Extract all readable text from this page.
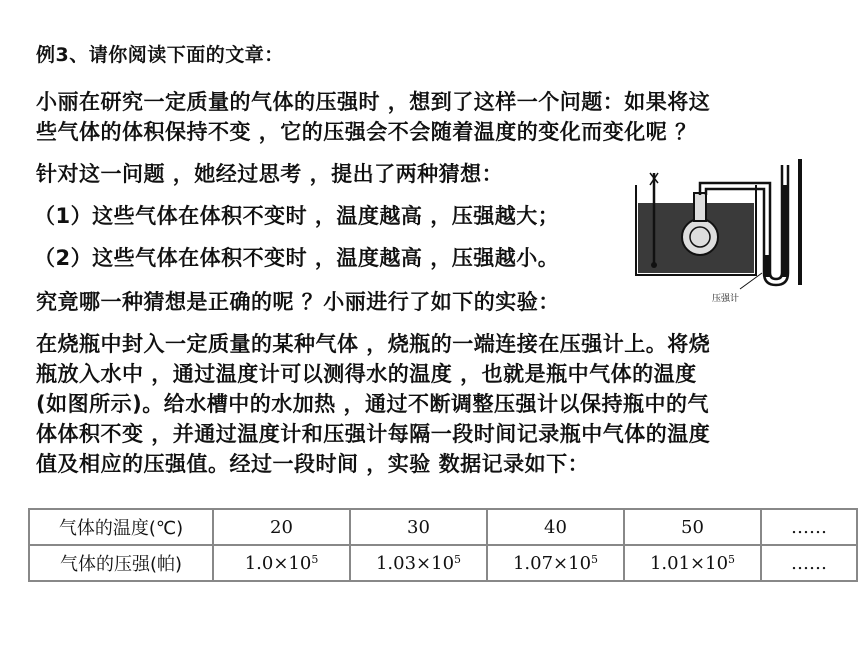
例3、请你阅读下面的文章：
小丽在研究一定质量的气体的压强时 ，想到了这样一个问题：如果将这
些气体的体积保持不变 ，它的压强会不会随着温度的变化而变化呢 ？
针对这一问题 ，她经过思考 ，提出了两种猜想：
（1）这些气体在体积不变时 ，温度越高 ，压强越大；
（2）这些气体在体积不变时 ，温度越高 ，压强越小。
究竟哪一种猜想是正确的呢 ？小丽进行了如下的实验：
在烧瓶中封入一定质量的某种气体 ，烧瓶的一端连接在压强计上。将烧
瓶放入水中 ，通过温度计可以测得水的温度 ，也就是瓶中气体的温度
(如图所示)。给水槽中的水加热 ，通过不断调整压强计以保持瓶中的气
体体积不变 ，并通过温度计和压强计每隔一段时间记录瓶中气体的温度
值及相应的压强值。经过一段时间 ，实验 数据记录如下：
压强计
气体的温度(℃)	20	30	40	50	……
气体的压强(帕)	$1.0\times 10^5$	$1.03\times 10^5$	$1.07\times 10^5$	$1.01\times 10^5$	……
